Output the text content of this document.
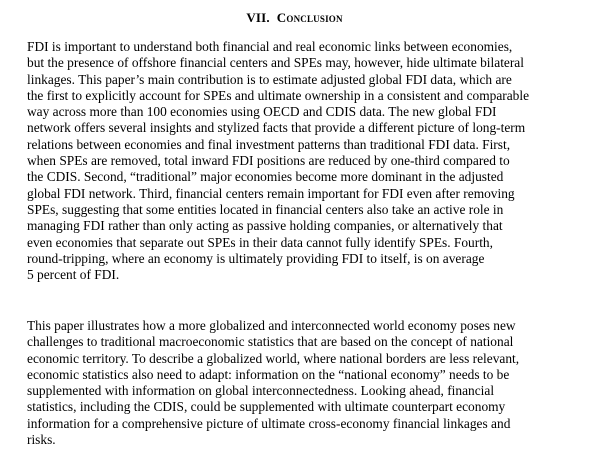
VII. Conclusion
FDI is important to understand both financial and real economic links between economies,
but the presence of offshore financial centers and SPEs may, however, hide ultimate bilateral
linkages. This paper’s main contribution is to estimate adjusted global FDI data, which are
the first to explicitly account for SPEs and ultimate ownership in a consistent and comparable
way across more than 100 economies using OECD and CDIS data. The new global FDI
network offers several insights and stylized facts that provide a different picture of long-term
relations between economies and final investment patterns than traditional FDI data. First,
when SPEs are removed, total inward FDI positions are reduced by one-third compared to
the CDIS. Second, “traditional” major economies become more dominant in the adjusted
global FDI network. Third, financial centers remain important for FDI even after removing
SPEs, suggesting that some entities located in financial centers also take an active role in
managing FDI rather than only acting as passive holding companies, or alternatively that
even economies that separate out SPEs in their data cannot fully identify SPEs. Fourth,
round-tripping, where an economy is ultimately providing FDI to itself, is on average
5 percent of FDI.
This paper illustrates how a more globalized and interconnected world economy poses new
challenges to traditional macroeconomic statistics that are based on the concept of national
economic territory. To describe a globalized world, where national borders are less relevant,
economic statistics also need to adapt: information on the “national economy” needs to be
supplemented with information on global interconnectedness. Looking ahead, financial
statistics, including the CDIS, could be supplemented with ultimate counterpart economy
information for a comprehensive picture of ultimate cross-economy financial linkages and
risks.
